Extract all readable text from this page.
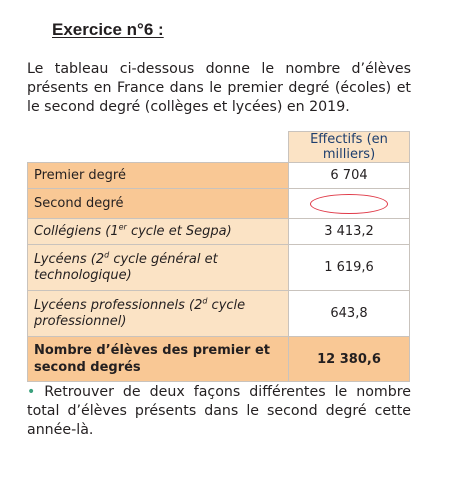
Exercice n°6 :

Le tableau ci-dessous donne le nombre d’élèves présents en France dans le premier degré (écoles) et le second degré (collèges et lycées) en 2019.

	Effectifs (en milliers)
Premier degré	6 704
Second degré	
Collégiens (1er cycle et Segpa)	3 413,2
Lycéens (2$^d$ cycle général et technologique)	1 619,6
Lycéens professionnels (2$^d$ cycle professionnel)	643,8
Nombre d’élèves des premier et second degrés	12 380,6

• Retrouver de deux façons différentes le nombre total d’élèves présents dans le second degré cette année-là.
